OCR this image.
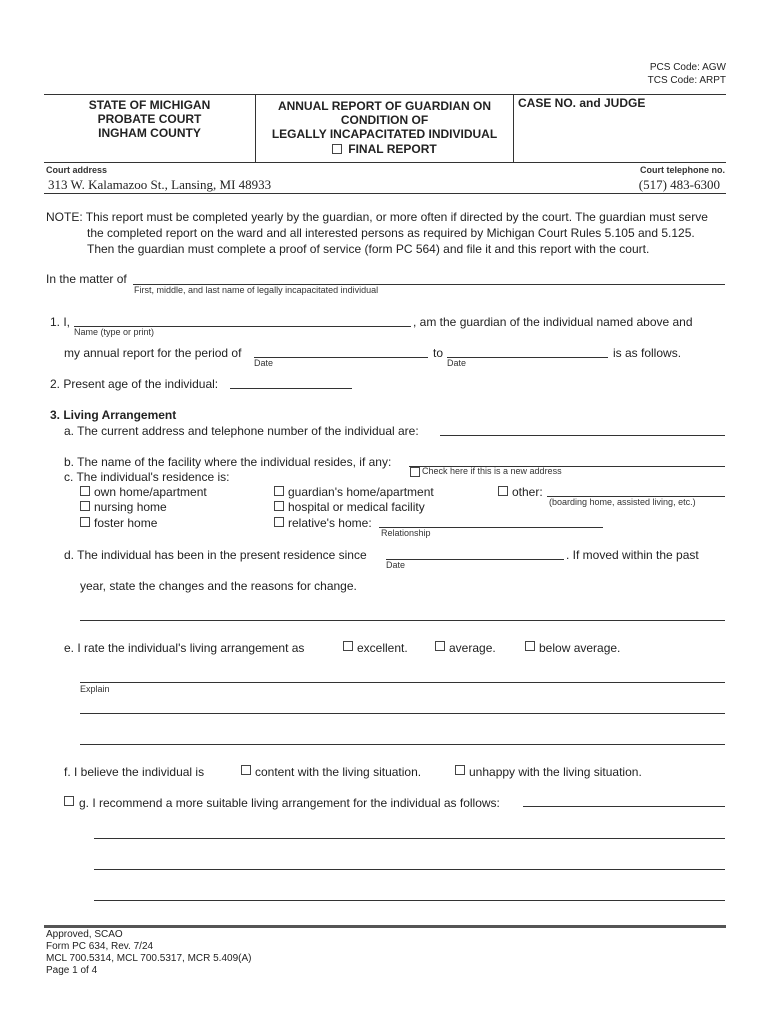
PCS Code: AGW
TCS Code: ARPT
STATE OF MICHIGAN
PROBATE COURT
INGHAM COUNTY
ANNUAL REPORT OF GUARDIAN ON
CONDITION OF
LEGALLY INCAPACITATED INDIVIDUAL
FINAL REPORT
CASE NO. and JUDGE
Court address
313 W. Kalamazoo St., Lansing, MI 48933
Court telephone no.
(517) 483-6300
NOTE: This report must be completed yearly by the guardian, or more often if directed by the court. The guardian must serve
the completed report on the ward and all interested persons as required by Michigan Court Rules 5.105 and 5.125.
Then the guardian must complete a proof of service (form PC 564) and file it and this report with the court.
In the matter of
First, middle, and last name of legally incapacitated individual
1. I,	, am the guardian of the individual named above and
Name (type or print)
my annual report for the period of
Date
to
Date
is as follows.
2. Present age of the individual:
3. Living Arrangement
a. The current address and telephone number of the individual are:
b. The name of the facility where the individual resides, if any:
Check here if this is a new address
c. The individual's residence is:
own home/apartment
nursing home
foster home
guardian's home/apartment
hospital or medical facility
relative's home:
Relationship
other:
(boarding home, assisted living, etc.)
d. The individual has been in the present residence since
Date
. If moved within the past
year, state the changes and the reasons for change.
e. I rate the individual's living arrangement as	excellent.	average.	below average.
Explain
f. I believe the individual is	content with the living situation.	unhappy with the living situation.
g. I recommend a more suitable living arrangement for the individual as follows:
Approved, SCAO
Form PC 634, Rev. 7/24
MCL 700.5314, MCL 700.5317, MCR 5.409(A)
Page 1 of 4
